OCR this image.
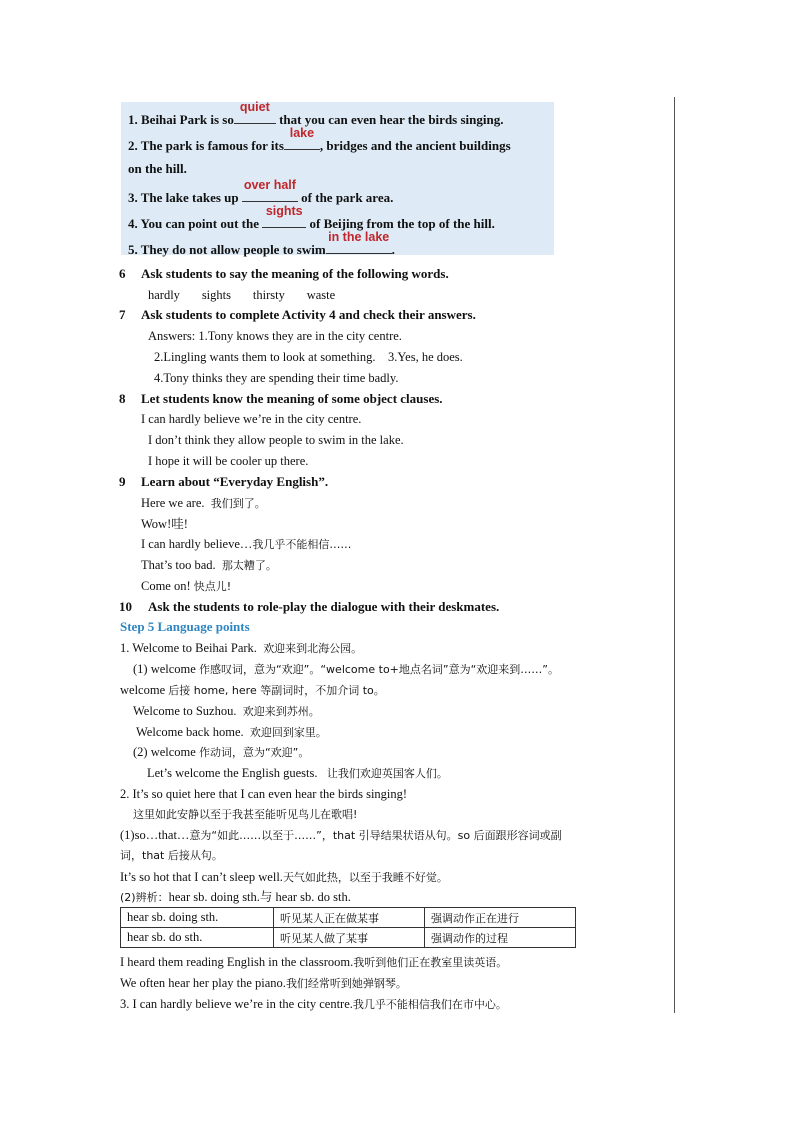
1. Beihai Park is so
quiet
that you can even hear the birds singing.
2. The park is famous for its
lake
, bridges and the ancient buildings
on the hill.
3. The lake takes up
over half
of the park area.
4. You can point out the
sights
of Beijing from the top of the hill.
5. They do not allow people to swim
in the lake
.
6 Ask students to say the meaning of the following words.
hardly sights thirsty waste
7 Ask students to complete Activity 4 and check their answers.
Answers: 1.Tony knows they are in the city centre.
2.Lingling wants them to look at something. 3.Yes, he does.
4.Tony thinks they are spending their time badly.
8 Let students know the meaning of some object clauses.
I can hardly believe we’re in the city centre.
I don’t think they allow people to swim in the lake.
I hope it will be cooler up there.
9 Learn about “Everyday English”.
Here we are. 我们到了。
Wow!哇!
I can hardly believe…我几乎不能相信……
That’s too bad. 那太糟了。
Come on! 快点儿!
10 Ask the students to role-play the dialogue with their deskmates.
Step 5 Language points
1. Welcome to Beihai Park. 欢迎来到北海公园。
(1) welcome 作感叹词，意为“欢迎”。“welcome to+地点名词”意为“欢迎来到……”。
welcome 后接 home, here 等副词时，不加介词 to。
Welcome to Suzhou. 欢迎来到苏州。
Welcome back home. 欢迎回到家里。
(2) welcome 作动词，意为“欢迎”。
Let’s welcome the English guests. 让我们欢迎英国客人们。
2. It’s so quiet here that I can even hear the birds singing!
这里如此安静以至于我甚至能听见鸟儿在歌唱!
(1)so…that…意为“如此……以至于……”，that 引导结果状语从句。so 后面跟形容词或副
词，that 后接从句。
It’s so hot that I can’t sleep well.天气如此热，以至于我睡不好觉。
(2)辨析：hear sb. doing sth.与 hear sb. do sth.
hear sb. doing sth.	听见某人正在做某事	强调动作正在进行
hear sb. do sth.	听见某人做了某事	强调动作的过程
I heard them reading English in the classroom.我听到他们正在教室里读英语。
We often hear her play the piano.我们经常听到她弹钢琴。
3. I can hardly believe we’re in the city centre.我几乎不能相信我们在市中心。
